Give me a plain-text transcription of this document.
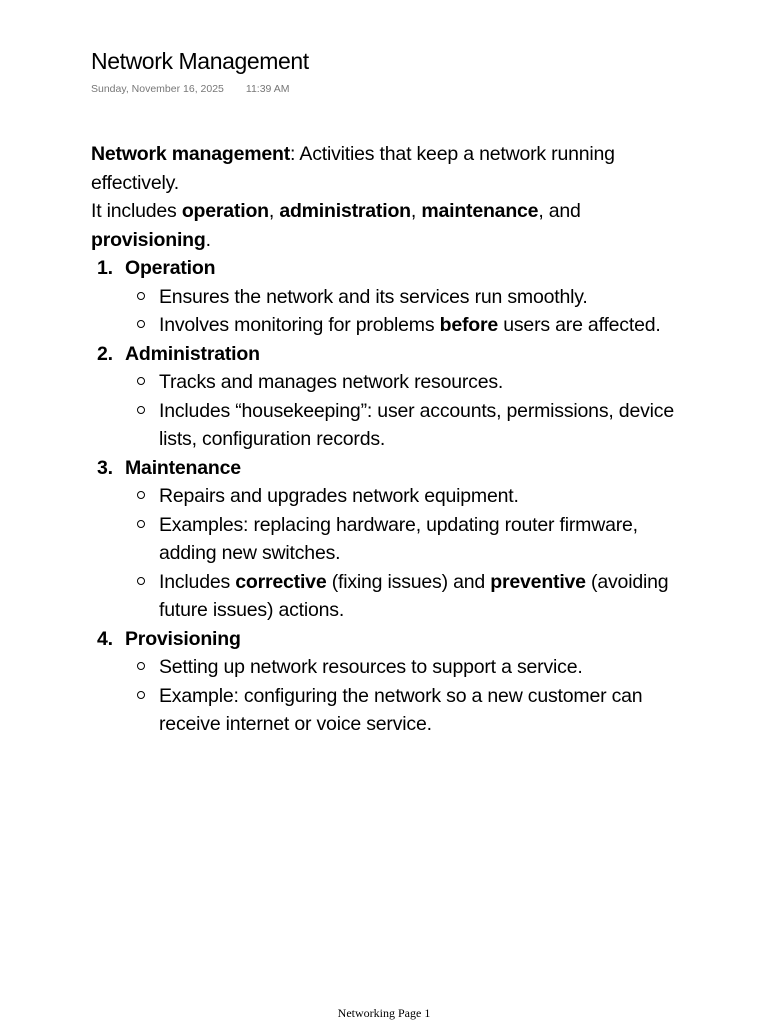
Network Management
Sunday, November 16, 2025 11:39 AM

Network management: Activities that keep a network running effectively.

It includes operation, administration, maintenance, and provisioning.

1. Operation
Ensures the network and its services run smoothly.
Involves monitoring for problems before users are affected.
2. Administration
Tracks and manages network resources.
Includes “housekeeping”: user accounts, permissions, device lists, configuration records.
3. Maintenance
Repairs and upgrades network equipment.
Examples: replacing hardware, updating router firmware, adding new switches.
Includes corrective (fixing issues) and preventive (avoiding future issues) actions.
4. Provisioning
Setting up network resources to support a service.
Example: configuring the network so a new customer can receive internet or voice service.
Networking Page 1
